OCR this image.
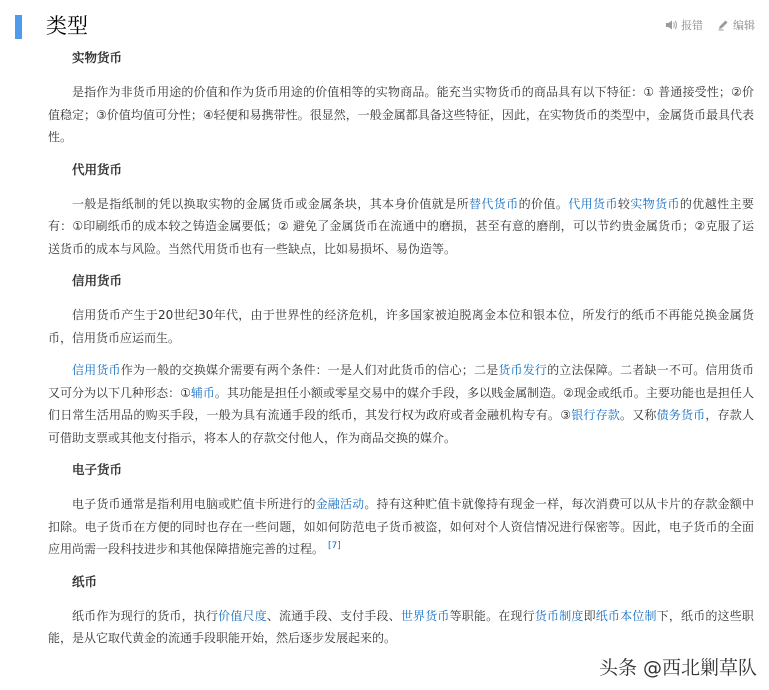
类型	报错	编辑
实物货币

是指作为非货币用途的价值和作为货币用途的价值相等的实物商品。能充当实物货币的商品具有以下特征：① 普通接受性；②价值稳定；③价值均值可分性；④轻便和易携带性。很显然，一般金属都具备这些特征，因此，在实物货币的类型中，金属货币最具代表性。

代用货币

一般是指纸制的凭以换取实物的金属货币或金属条块，其本身价值就是所替代货币的价值。代用货币较实物货币的优越性主要有：①印刷纸币的成本较之铸造金属要低；② 避免了金属货币在流通中的磨损，甚至有意的磨削，可以节约贵金属货币；②克服了运送货币的成本与风险。当然代用货币也有一些缺点，比如易损坏、易伪造等。

信用货币

信用货币产生于20世纪30年代，由于世界性的经济危机，许多国家被迫脱离金本位和银本位，所发行的纸币不再能兑换金属货币，信用货币应运而生。

信用货币作为一般的交换媒介需要有两个条件：一是人们对此货币的信心；二是货币发行的立法保障。二者缺一不可。信用货币又可分为以下几种形态：①辅币。其功能是担任小额或零星交易中的媒介手段，多以贱金属制造。②现金或纸币。主要功能也是担任人们日常生活用品的购买手段，一般为具有流通手段的纸币，其发行权为政府或者金融机构专有。③银行存款。又称债务货币，存款人可借助支票或其他支付指示，将本人的存款交付他人，作为商品交换的媒介。

电子货币

电子货币通常是指利用电脑或贮值卡所进行的金融活动。持有这种贮值卡就像持有现金一样，每次消费可以从卡片的存款金额中扣除。电子货币在方便的同时也存在一些问题，如如何防范电子货币被盗，如何对个人资信情况进行保密等。因此，电子货币的全面应用尚需一段科技进步和其他保障措施完善的过程。 [7]

纸币

纸币作为现行的货币，执行价值尺度、流通手段、支付手段、世界货币等职能。在现行货币制度即纸币本位制下，纸币的这些职能，是从它取代黄金的流通手段职能开始，然后逐步发展起来的。

头条 @西北剿草队
